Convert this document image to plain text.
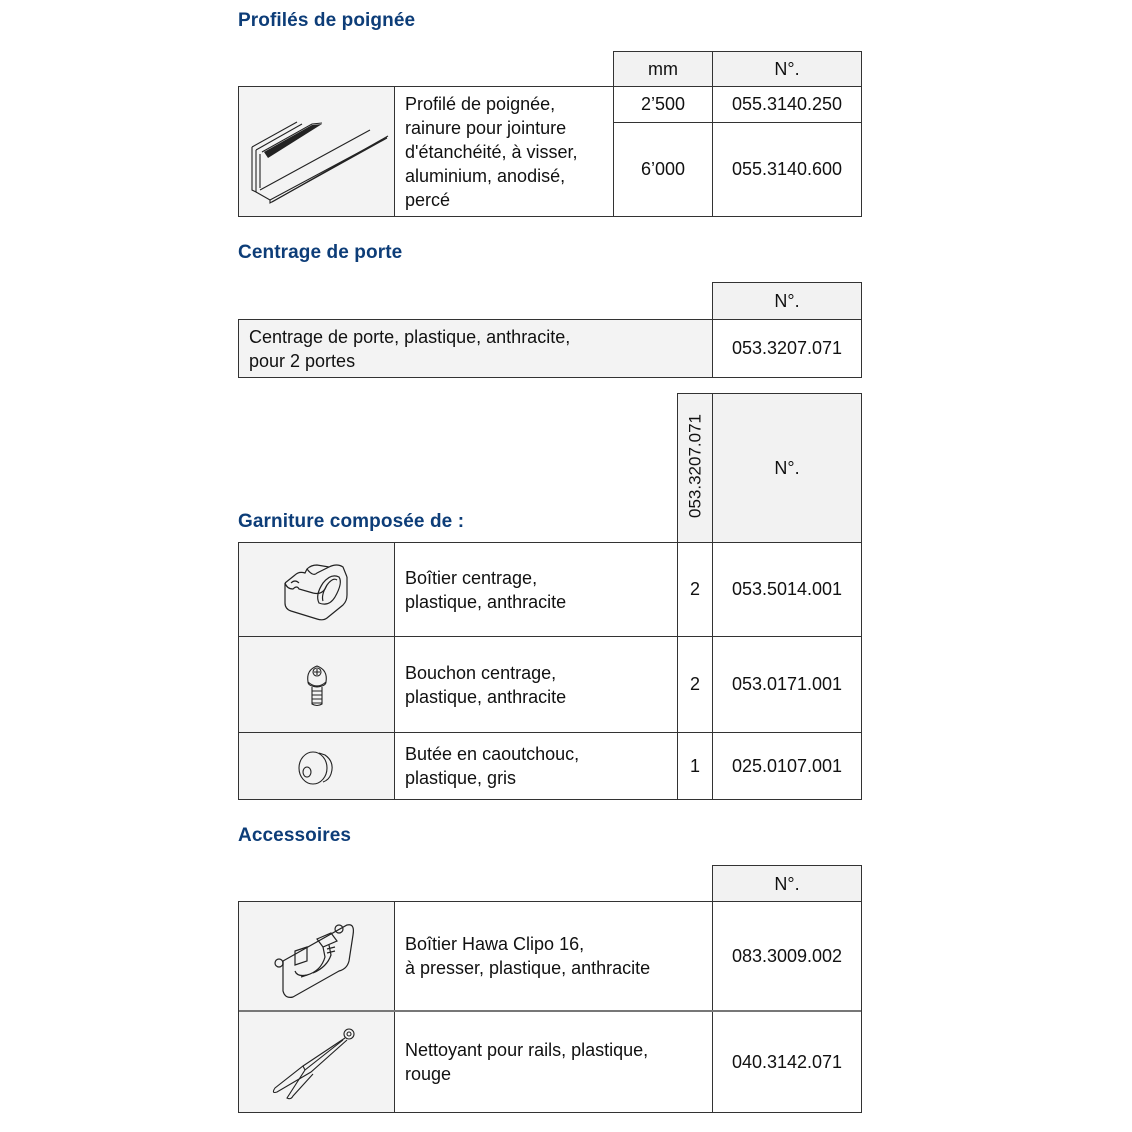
Profilés de poignée
mm	N°.
Profilé de poignée,
rainure pour jointure
d'étanchéité, à visser,
aluminium, anodisé,
percé
2’500	055.3140.250
6’000	055.3140.600
Centrage de porte
N°.
Centrage de porte, plastique, anthracite,
pour 2 portes
053.3207.071
Garniture composée de :
053.3207.071	N°.
Boîtier centrage,
plastique, anthracite
2	053.5014.001
Bouchon centrage,
plastique, anthracite
2	053.0171.001
Butée en caoutchouc,
plastique, gris
1	025.0107.001
Accessoires
N°.
Boîtier Hawa Clipo 16,
à presser, plastique, anthracite
083.3009.002
Nettoyant pour rails, plastique,
rouge
040.3142.071
